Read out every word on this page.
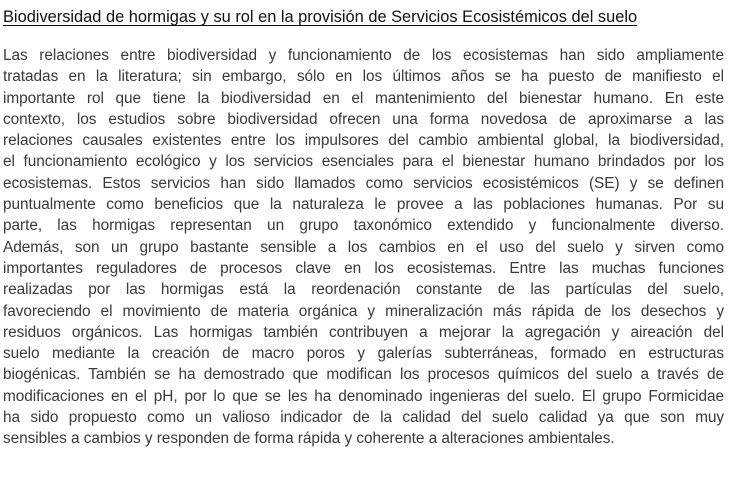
Biodiversidad de hormigas y su rol en la provisión de Servicios Ecosistémicos del suelo
Las relaciones entre biodiversidad y funcionamiento de los ecosistemas han sido ampliamente
tratadas en la literatura; sin embargo, sólo en los últimos años se ha puesto de manifiesto el
importante rol que tiene la biodiversidad en el mantenimiento del bienestar humano. En este
contexto, los estudios sobre biodiversidad ofrecen una forma novedosa de aproximarse a las
relaciones causales existentes entre los impulsores del cambio ambiental global, la biodiversidad,
el funcionamiento ecológico y los servicios esenciales para el bienestar humano brindados por los
ecosistemas. Estos servicios han sido llamados como servicios ecosistémicos (SE) y se definen
puntualmente como beneficios que la naturaleza le provee a las poblaciones humanas. Por su
parte, las hormigas representan un grupo taxonómico extendido y funcionalmente diverso.
Además, son un grupo bastante sensible a los cambios en el uso del suelo y sirven como
importantes reguladores de procesos clave en los ecosistemas. Entre las muchas funciones
realizadas por las hormigas está la reordenación constante de las partículas del suelo,
favoreciendo el movimiento de materia orgánica y mineralización más rápida de los desechos y
residuos orgánicos. Las hormigas también contribuyen a mejorar la agregación y aireación del
suelo mediante la creación de macro poros y galerías subterráneas, formado en estructuras
biogénicas. También se ha demostrado que modifican los procesos químicos del suelo a través de
modificaciones en el pH, por lo que se les ha denominado ingenieras del suelo. El grupo Formicidae
ha sido propuesto como un valioso indicador de la calidad del suelo calidad ya que son muy
sensibles a cambios y responden de forma rápida y coherente a alteraciones ambientales.
